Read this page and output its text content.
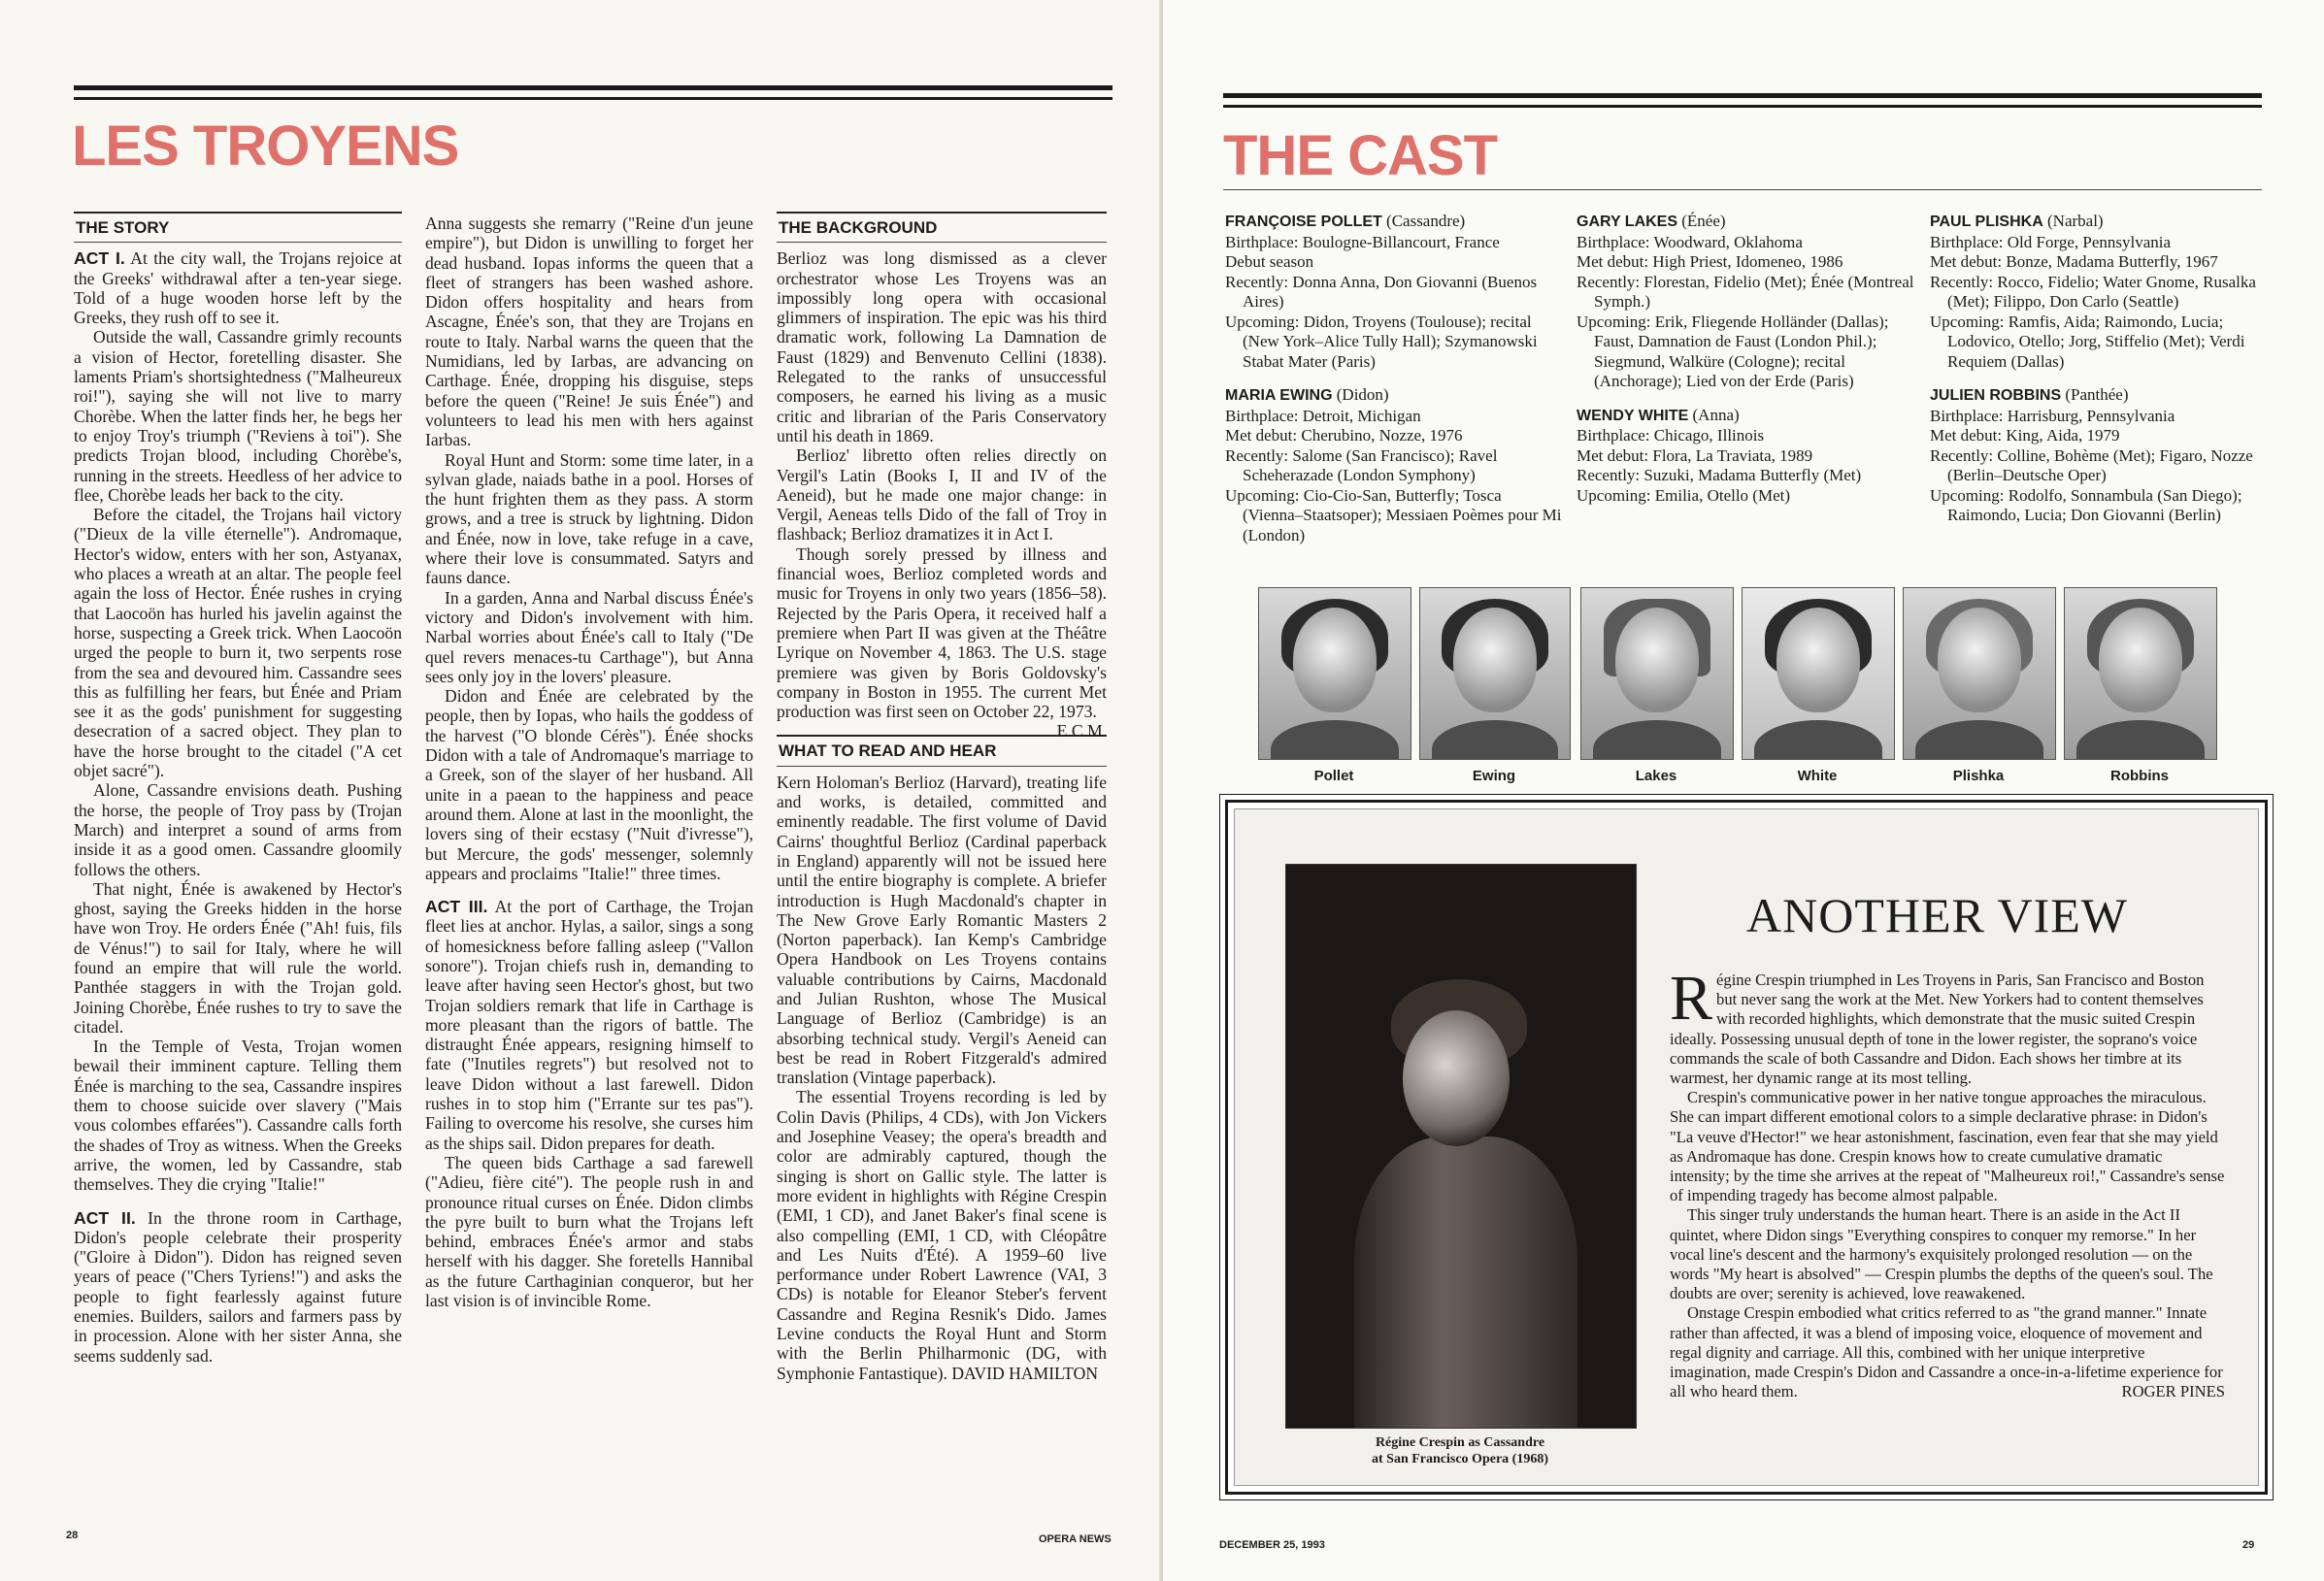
LES TROYENS
THE STORY

ACT I. At the city wall, the Trojans rejoice at the Greeks' withdrawal after a ten-year siege. Told of a huge wooden horse left by the Greeks, they rush off to see it.

Outside the wall, Cassandre grimly recounts a vision of Hector, foretelling disaster. She laments Priam's shortsightedness ("Malheureux roi!"), saying she will not live to marry Chorèbe. When the latter finds her, he begs her to enjoy Troy's triumph ("Reviens à toi"). She predicts Trojan blood, including Chorèbe's, running in the streets. Heedless of her advice to flee, Chorèbe leads her back to the city.

Before the citadel, the Trojans hail victory ("Dieux de la ville éternelle"). Andromaque, Hector's widow, enters with her son, Astyanax, who places a wreath at an altar. The people feel again the loss of Hector. Énée rushes in crying that Laocoön has hurled his javelin against the horse, suspecting a Greek trick. When Laocoön urged the people to burn it, two serpents rose from the sea and devoured him. Cassandre sees this as fulfilling her fears, but Énée and Priam see it as the gods' punishment for suggesting desecration of a sacred object. They plan to have the horse brought to the citadel ("A cet objet sacré").

Alone, Cassandre envisions death. Pushing the horse, the people of Troy pass by (Trojan March) and interpret a sound of arms from inside it as a good omen. Cassandre gloomily follows the others.

That night, Énée is awakened by Hector's ghost, saying the Greeks hidden in the horse have won Troy. He orders Énée ("Ah! fuis, fils de Vénus!") to sail for Italy, where he will found an empire that will rule the world. Panthée staggers in with the Trojan gold. Joining Chorèbe, Énée rushes to try to save the citadel.

In the Temple of Vesta, Trojan women bewail their imminent capture. Telling them Énée is marching to the sea, Cassandre inspires them to choose suicide over slavery ("Mais vous colombes effarées"). Cassandre calls forth the shades of Troy as witness. When the Greeks arrive, the women, led by Cassandre, stab themselves. They die crying "Italie!"

ACT II. In the throne room in Carthage, Didon's people celebrate their prosperity ("Gloire à Didon"). Didon has reigned seven years of peace ("Chers Tyriens!") and asks the people to fight fearlessly against future enemies. Builders, sailors and farmers pass by in procession. Alone with her sister Anna, she seems suddenly sad.

Anna suggests she remarry ("Reine d'un jeune empire"), but Didon is unwilling to forget her dead husband. Iopas informs the queen that a fleet of strangers has been washed ashore. Didon offers hospitality and hears from Ascagne, Énée's son, that they are Trojans en route to Italy. Narbal warns the queen that the Numidians, led by Iarbas, are advancing on Carthage. Énée, dropping his disguise, steps before the queen ("Reine! Je suis Énée") and volunteers to lead his men with hers against Iarbas.

Royal Hunt and Storm: some time later, in a sylvan glade, naiads bathe in a pool. Horses of the hunt frighten them as they pass. A storm grows, and a tree is struck by lightning. Didon and Énée, now in love, take refuge in a cave, where their love is consummated. Satyrs and fauns dance.

In a garden, Anna and Narbal discuss Énée's victory and Didon's involvement with him. Narbal worries about Énée's call to Italy ("De quel revers menaces-tu Carthage"), but Anna sees only joy in the lovers' pleasure.

Didon and Énée are celebrated by the people, then by Iopas, who hails the goddess of the harvest ("O blonde Cérès"). Énée shocks Didon with a tale of Andromaque's marriage to a Greek, son of the slayer of her husband. All unite in a paean to the happiness and peace around them. Alone at last in the moonlight, the lovers sing of their ecstasy ("Nuit d'ivresse"), but Mercure, the gods' messenger, solemnly appears and proclaims "Italie!" three times.

ACT III. At the port of Carthage, the Trojan fleet lies at anchor. Hylas, a sailor, sings a song of homesickness before falling asleep ("Vallon sonore"). Trojan chiefs rush in, demanding to leave after having seen Hector's ghost, but two Trojan soldiers remark that life in Carthage is more pleasant than the rigors of battle. The distraught Énée appears, resigning himself to fate ("Inutiles regrets") but resolved not to leave Didon without a last farewell. Didon rushes in to stop him ("Errante sur tes pas"). Failing to overcome his resolve, she curses him as the ships sail. Didon prepares for death.

The queen bids Carthage a sad farewell ("Adieu, fière cité"). The people rush in and pronounce ritual curses on Énée. Didon climbs the pyre built to burn what the Trojans left behind, embraces Énée's armor and stabs herself with his dagger. She foretells Hannibal as the future Carthaginian conqueror, but her last vision is of invincible Rome.

THE BACKGROUND

Berlioz was long dismissed as a clever orchestrator whose Les Troyens was an impossibly long opera with occasional glimmers of inspiration. The epic was his third dramatic work, following La Damnation de Faust (1829) and Benvenuto Cellini (1838). Relegated to the ranks of unsuccessful composers, he earned his living as a music critic and librarian of the Paris Conservatory until his death in 1869.

Berlioz' libretto often relies directly on Vergil's Latin (Books I, II and IV of the Aeneid), but he made one major change: in Vergil, Aeneas tells Dido of the fall of Troy in flashback; Berlioz dramatizes it in Act I.

Though sorely pressed by illness and financial woes, Berlioz completed words and music for Troyens in only two years (1856–58). Rejected by the Paris Opera, it received half a premiere when Part II was given at the Théâtre Lyrique on November 4, 1863. The U.S. stage premiere was given by Boris Goldovsky's company in Boston in 1955. The current Met production was first seen on October 22, 1973.
E.C.M.

WHAT TO READ AND HEAR

Kern Holoman's Berlioz (Harvard), treating life and works, is detailed, committed and eminently readable. The first volume of David Cairns' thoughtful Berlioz (Cardinal paperback in England) apparently will not be issued here until the entire biography is complete. A briefer introduction is Hugh Macdonald's chapter in The New Grove Early Romantic Masters 2 (Norton paperback). Ian Kemp's Cambridge Opera Handbook on Les Troyens contains valuable contributions by Cairns, Macdonald and Julian Rushton, whose The Musical Language of Berlioz (Cambridge) is an absorbing technical study. Vergil's Aeneid can best be read in Robert Fitzgerald's admired translation (Vintage paperback).

The essential Troyens recording is led by Colin Davis (Philips, 4 CDs), with Jon Vickers and Josephine Veasey; the opera's breadth and color are admirably captured, though the singing is short on Gallic style. The latter is more evident in highlights with Régine Crespin (EMI, 1 CD), and Janet Baker's final scene is also compelling (EMI, 1 CD, with Cléopâtre and Les Nuits d'Été). A 1959–60 live performance under Robert Lawrence (VAI, 3 CDs) is notable for Eleanor Steber's fervent Cassandre and Regina Resnik's Dido. James Levine conducts the Royal Hunt and Storm with the Berlin Philharmonic (DG, with Symphonie Fantastique). DAVID HAMILTON

28	OPERA NEWS
THE CAST
FRANÇOISE POLLET (Cassandre)
Birthplace: Boulogne-Billancourt, France
Debut season
Recently: Donna Anna, Don Giovanni (Buenos Aires)
Upcoming: Didon, Troyens (Toulouse); recital (New York–Alice Tully Hall); Szymanowski Stabat Mater (Paris)
MARIA EWING (Didon)
Birthplace: Detroit, Michigan
Met debut: Cherubino, Nozze, 1976
Recently: Salome (San Francisco); Ravel Scheherazade (London Symphony)
Upcoming: Cio-Cio-San, Butterfly; Tosca (Vienna–Staatsoper); Messiaen Poèmes pour Mi (London)
GARY LAKES (Énée)
Birthplace: Woodward, Oklahoma
Met debut: High Priest, Idomeneo, 1986
Recently: Florestan, Fidelio (Met); Énée (Montreal Symph.)
Upcoming: Erik, Fliegende Holländer (Dallas); Faust, Damnation de Faust (London Phil.); Siegmund, Walküre (Cologne); recital (Anchorage); Lied von der Erde (Paris)
WENDY WHITE (Anna)
Birthplace: Chicago, Illinois
Met debut: Flora, La Traviata, 1989
Recently: Suzuki, Madama Butterfly (Met)
Upcoming: Emilia, Otello (Met)
PAUL PLISHKA (Narbal)
Birthplace: Old Forge, Pennsylvania
Met debut: Bonze, Madama Butterfly, 1967
Recently: Rocco, Fidelio; Water Gnome, Rusalka (Met); Filippo, Don Carlo (Seattle)
Upcoming: Ramfis, Aida; Raimondo, Lucia; Lodovico, Otello; Jorg, Stiffelio (Met); Verdi Requiem (Dallas)
JULIEN ROBBINS (Panthée)
Birthplace: Harrisburg, Pennsylvania
Met debut: King, Aida, 1979
Recently: Colline, Bohème (Met); Figaro, Nozze (Berlin–Deutsche Oper)
Upcoming: Rodolfo, Sonnambula (San Diego); Raimondo, Lucia; Don Giovanni (Berlin)
Pollet	Ewing	Lakes	White	Plishka	Robbins
DECEMBER 25, 1993	29
Régine Crespin as Cassandre
at San Francisco Opera (1968)
ANOTHER VIEW

Régine Crespin triumphed in Les Troyens in Paris, San Francisco and Boston but never sang the work at the Met. New Yorkers had to content themselves with recorded highlights, which demonstrate that the music suited Crespin ideally. Possessing unusual depth of tone in the lower register, the soprano's voice commands the scale of both Cassandre and Didon. Each shows her timbre at its warmest, her dynamic range at its most telling.

Crespin's communicative power in her native tongue approaches the miraculous. She can impart different emotional colors to a simple declarative phrase: in Didon's "La veuve d'Hector!" we hear astonishment, fascination, even fear that she may yield as Andromaque has done. Crespin knows how to create cumulative dramatic intensity; by the time she arrives at the repeat of "Malheureux roi!," Cassandre's sense of impending tragedy has become almost palpable.

This singer truly understands the human heart. There is an aside in the Act II quintet, where Didon sings "Everything conspires to conquer my remorse." In her vocal line's descent and the harmony's exquisitely prolonged resolution — on the words "My heart is absolved" — Crespin plumbs the depths of the queen's soul. The doubts are over; serenity is achieved, love reawakened.

Onstage Crespin embodied what critics referred to as "the grand manner." Innate rather than affected, it was a blend of imposing voice, eloquence of movement and regal dignity and carriage. All this, combined with her unique interpretive imagination, made Crespin's Didon and Cassandre a once-in-a-lifetime experience for all who heard them.	ROGER PINES
